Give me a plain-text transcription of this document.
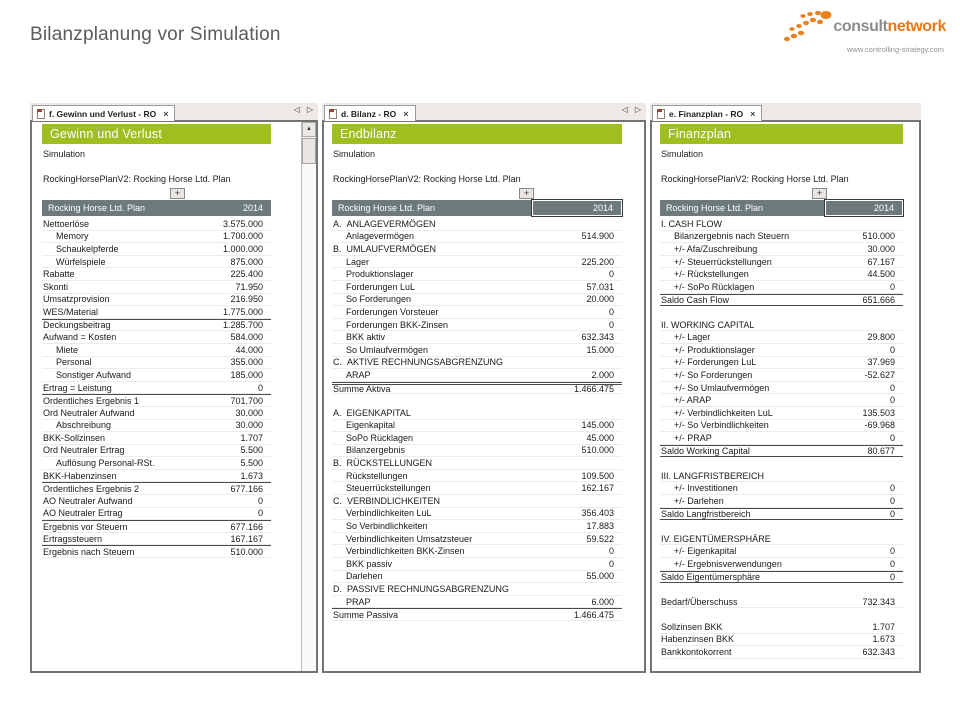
Bilanzplanung vor Simulation	consultnetwork
www.controlling-strategy.com
f. Gewinn und Verlust - RO ×	◁ ▷
Gewinn und Verlust
Simulation
RockingHorsePlanV2: Rocking Horse Ltd. Plan
+
Rocking Horse Ltd. Plan	2014
Nettoerlöse	3.575.000
Memory	1.700.000
Schaukelpferde	1.000.000
Würfelspiele	875.000
Rabatte	225.400
Skonti	71.950
Umsatzprovision	216.950
WES/Material	1.775.000
Deckungsbeitrag	1.285.700
Aufwand = Kosten	584.000
Miete	44.000
Personal	355.000
Sonstiger Aufwand	185.000
Ertrag = Leistung	0
Ordentliches Ergebnis 1	701.700
Ord Neutraler Aufwand	30.000
Abschreibung	30.000
BKK-Sollzinsen	1.707
Ord Neutraler Ertrag	5.500
Auflösung Personal-RSt.	5.500
BKK-Habenzinsen	1.673
Ordentliches Ergebnis 2	677.166
AO Neutraler Aufwand	0
AO Neutraler Ertrag	0
Ergebnis vor Steuern	677.166
Ertragssteuern	167.167
Ergebnis nach Steuern	510.000
▲
d. Bilanz - RO ×	◁ ▷
Endbilanz
Simulation
RockingHorsePlanV2: Rocking Horse Ltd. Plan
+
Rocking Horse Ltd. Plan	2014
A.  ANLAGEVERMÖGEN
Anlagevermögen	514.900
B.  UMLAUFVERMÖGEN
Lager	225.200
Produktionslager	0
Forderungen LuL	57.031
So Forderungen	20.000
Forderungen Vorsteuer	0
Forderungen BKK-Zinsen	0
BKK aktiv	632.343
So Umlaufvermögen	15.000
C.  AKTIVE RECHNUNGSABGRENZUNG
ARAP	2.000
Summe Aktiva	1.466.475
A.  EIGENKAPITAL
Eigenkapital	145.000
SoPo Rücklagen	45.000
Bilanzergebnis	510.000
B.  RÜCKSTELLUNGEN
Rückstellungen	109.500
Steuerrückstellungen	162.167
C.  VERBINDLICHKEITEN
Verbindlichkeiten LuL	356.403
So Verbindlichkeiten	17.883
Verbindlichkeiten Umsatzsteuer	59.522
Verbindlichkeiten BKK-Zinsen	0
BKK passiv	0
Darlehen	55.000
D.  PASSIVE RECHNUNGSABGRENZUNG
PRAP	6.000
Summe Passiva	1.466.475
e. Finanzplan - RO ×
Finanzplan
Simulation
RockingHorsePlanV2: Rocking Horse Ltd. Plan
+
Rocking Horse Ltd. Plan	2014
I. CASH FLOW
Bilanzergebnis nach Steuern	510.000
+/- Afa/Zuschreibung	30.000
+/- Steuerrückstellungen	67.167
+/- Rückstellungen	44.500
+/- SoPo Rücklagen	0
Saldo Cash Flow	651.666
II. WORKING CAPITAL
+/- Lager	29.800
+/- Produktionslager	0
+/- Forderungen LuL	37.969
+/- So Forderungen	-52.627
+/- So Umlaufvermögen	0
+/- ARAP	0
+/- Verbindlichkeiten LuL	135.503
+/- So Verbindlichkeiten	-69.968
+/- PRAP	0
Saldo Working Capital	80.677
III. LANGFRISTBEREICH
+/- Investitionen	0
+/- Darlehen	0
Saldo Langfristbereich	0
IV. EIGENTÜMERSPHÄRE
+/- Eigenkapital	0
+/- Ergebnisverwendungen	0
Saldo Eigentümersphäre	0
Bedarf/Überschuss	732.343
Sollzinsen BKK	1.707
Habenzinsen BKK	1.673
Bankkontokorrent	632.343
